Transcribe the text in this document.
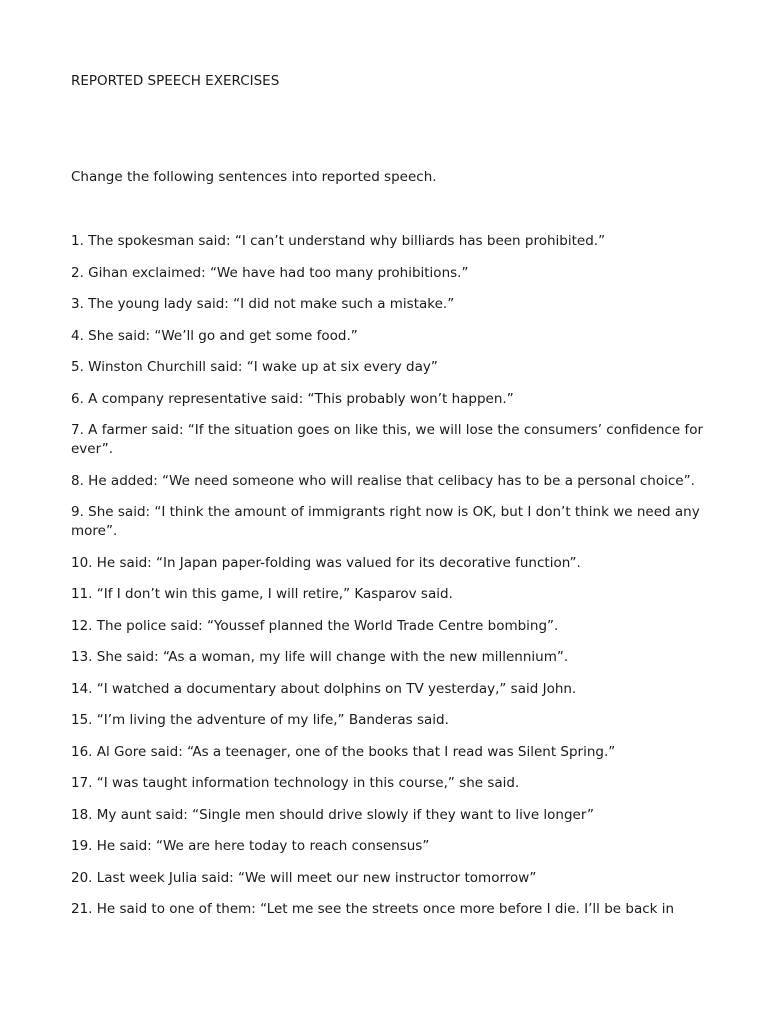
REPORTED SPEECH EXERCISES
Change the following sentences into reported speech.
1. The spokesman said: “I can’t understand why billiards has been prohibited.”
2. Gihan exclaimed: “We have had too many prohibitions.”
3. The young lady said: “I did not make such a mistake.”
4. She said: “We’ll go and get some food.”
5. Winston Churchill said: “I wake up at six every day”
6. A company representative said: “This probably won’t happen.”
7. A farmer said: “If the situation goes on like this, we will lose the consumers’ confidence for ever”.
8. He added: “We need someone who will realise that celibacy has to be a personal choice”.
9. She said: “I think the amount of immigrants right now is OK, but I don’t think we need any more”.
10. He said: “In Japan paper-folding was valued for its decorative function”.
11. “If I don’t win this game, I will retire,” Kasparov said.
12. The police said: “Youssef planned the World Trade Centre bombing”.
13. She said: “As a woman, my life will change with the new millennium”.
14. “I watched a documentary about dolphins on TV yesterday,” said John.
15. “I’m living the adventure of my life,” Banderas said.
16. Al Gore said: “As a teenager, one of the books that I read was Silent Spring.”
17. “I was taught information technology in this course,” she said.
18. My aunt said: “Single men should drive slowly if they want to live longer”
19. He said: “We are here today to reach consensus”
20. Last week Julia said: “We will meet our new instructor tomorrow”
21. He said to one of them: “Let me see the streets once more before I die. I’ll be back in
